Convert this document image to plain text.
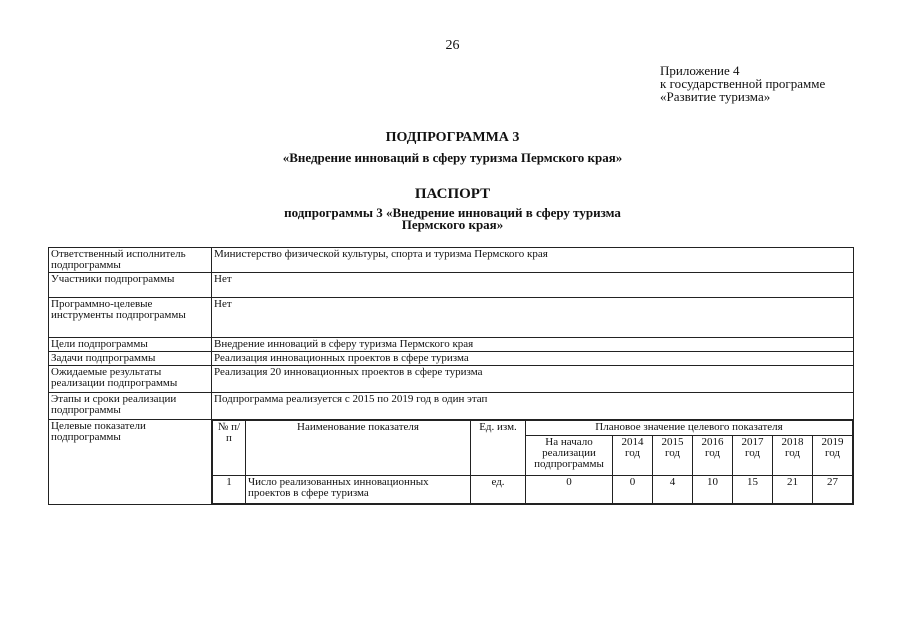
26
Приложение 4
к государственной программе
«Развитие туризма»
ПОДПРОГРАММА 3
«Внедрение инноваций в сферу туризма Пермского края»
ПАСПОРТ
подпрограммы 3 «Внедрение инноваций в сферу туризма
Пермского края»
Ответственный исполнитель подпрограммы	Министерство физической культуры, спорта и туризма Пермского края
Участники подпрограммы	Нет
Программно-целевые инструменты подпрограммы	Нет
Цели подпрограммы	Внедрение инноваций в сферу туризма Пермского края
Задачи подпрограммы	Реализация инновационных проектов в сфере туризма
Ожидаемые результаты реализации подпрограммы	Реализация 20 инновационных проектов в сфере туризма
Этапы и сроки реализации подпрограммы	Подпрограмма реализуется с 2015 по 2019 год в один этап
Целевые показатели подпрограммы	
№ п/п	Наименование показателя	Ед. изм.	Плановое значение целевого показателя
На начало реализации подпрограммы	2014 год	2015 год	2016 год	2017 год	2018 год	2019 год
1	Число реализованных инновационных проектов в сфере туризма	ед.	0	0	4	10	15	21	27
